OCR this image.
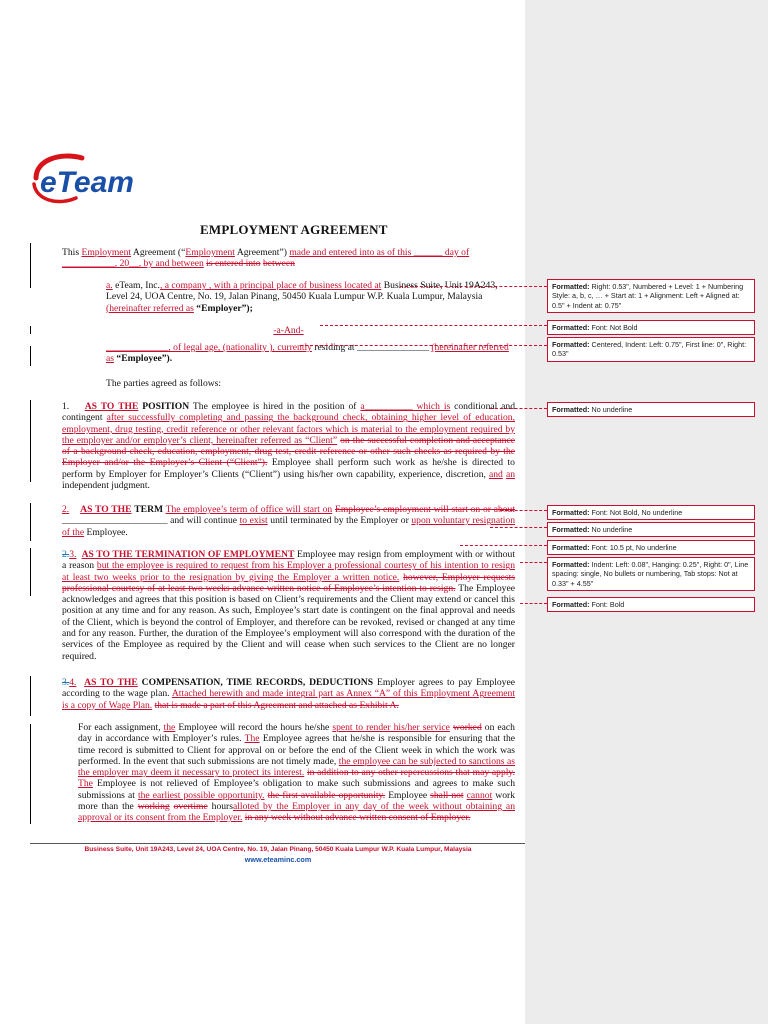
eTeam
EMPLOYMENT AGREEMENT
This Employment Agreement (“Employment Agreement”) made and entered into as of this ______ day of ___________, 20__, by and between is entered into between
a. eTeam, Inc., a company , with a principal place of business located at Business Suite, Unit 19A243, Level 24, UOA Centre, No. 19, Jalan Pinang, 50450 Kuala Lumpur W.P. Kuala Lumpur, Malaysia (hereinafter referred as “Employer”);
-a-And-
_____________, of legal age, (nationality ), currently residing at _______________ (hereinafter referred as “Employee”).
The parties agreed as follows:
1. AS TO THE POSITION The employee is hired in the position of a__________ which is conditional and contingent after successfully completing and passing the background check, obtaining higher level of education, employment, drug testing, credit reference or other relevant factors which is material to the employment required by the employer and/or employer’s client, hereinafter referred as “Client” on the successful completion and acceptance of a background check, education, employment, drug test, credit reference or other such checks as required by the Employer and/or the Employer’s Client (“Client”). Employee shall perform such work as he/she is directed to perform by Employer for Employer’s Clients (“Client”) using his/her own capability, experience, discretion, and an independent judgment.
2. AS TO THE TERM The employee’s term of office will start on Employee’s employment will start on or about ______________________ and will continue to exist until terminated by the Employer or upon voluntary resignation of the Employee.
2.3. AS TO THE TERMINATION OF EMPLOYMENT Employee may resign from employment with or without a reason but the employee is required to request from his Employer a professional courtesy of his intention to resign at least two weeks prior to the resignation by giving the Employer a written notice. however, Employer requests professional courtesy of at least two weeks advance written notice of Employee’s intention to resign. The Employee acknowledges and agrees that this position is based on Client’s requirements and the Client may extend or cancel this position at any time and for any reason. As such, Employee’s start date is contingent on the final approval and needs of the Client, which is beyond the control of Employer, and therefore can be revoked, revised or changed at any time and for any reason. Further, the duration of the Employee’s employment will also correspond with the duration of the services of the Employee as required by the Client and will cease when such services to the Client are no longer required.
3.4. AS TO THE COMPENSATION, TIME RECORDS, DEDUCTIONS Employer agrees to pay Employee according to the wage plan. Attached herewith and made integral part as Annex “A” of this Employment Agreement is a copy of Wage Plan. that is made a part of this Agreement and attached as Exhibit A.
For each assignment, the Employee will record the hours he/she spent to render his/her service worked on each day in accordance with Employer’s rules. The Employee agrees that he/she is responsible for ensuring that the time record is submitted to Client for approval on or before the end of the Client week in which the work was performed. In the event that such submissions are not timely made, the employee can be subjected to sanctions as the employer may deem it necessary to protect its interest. in addition to any other repercussions that may apply. The Employee is not relieved of Employee’s obligation to make such submissions and agrees to make such submissions at the earliest possible opportunity. the first available opportunity. Employee shall not cannot work more than the working overtime hoursalloted by the Employer in any day of the week without obtaining an approval or its consent from the Employer. in any week without advance written consent of Employer.
Formatted: Right: 0.53", Numbered + Level: 1 + Numbering Style: a, b, c, … + Start at: 1 + Alignment: Left + Aligned at: 0.5" + Indent at: 0.75"
Formatted: Font: Not Bold
Formatted: Centered, Indent: Left: 0.75", First line: 0", Right: 0.53"
Formatted: No underline
Formatted: Font: Not Bold, No underline
Formatted: No underline
Formatted: Font: 10.5 pt, No underline
Formatted: Indent: Left: 0.08", Hanging: 0.25", Right: 0", Line spacing: single, No bullets or numbering, Tab stops: Not at 0.33" + 4.55"
Formatted: Font: Bold
Business Suite, Unit 19A243, Level 24, UOA Centre, No. 19, Jalan Pinang, 50450 Kuala Lumpur W.P. Kuala Lumpur, Malaysia
www.eteaminc.com
